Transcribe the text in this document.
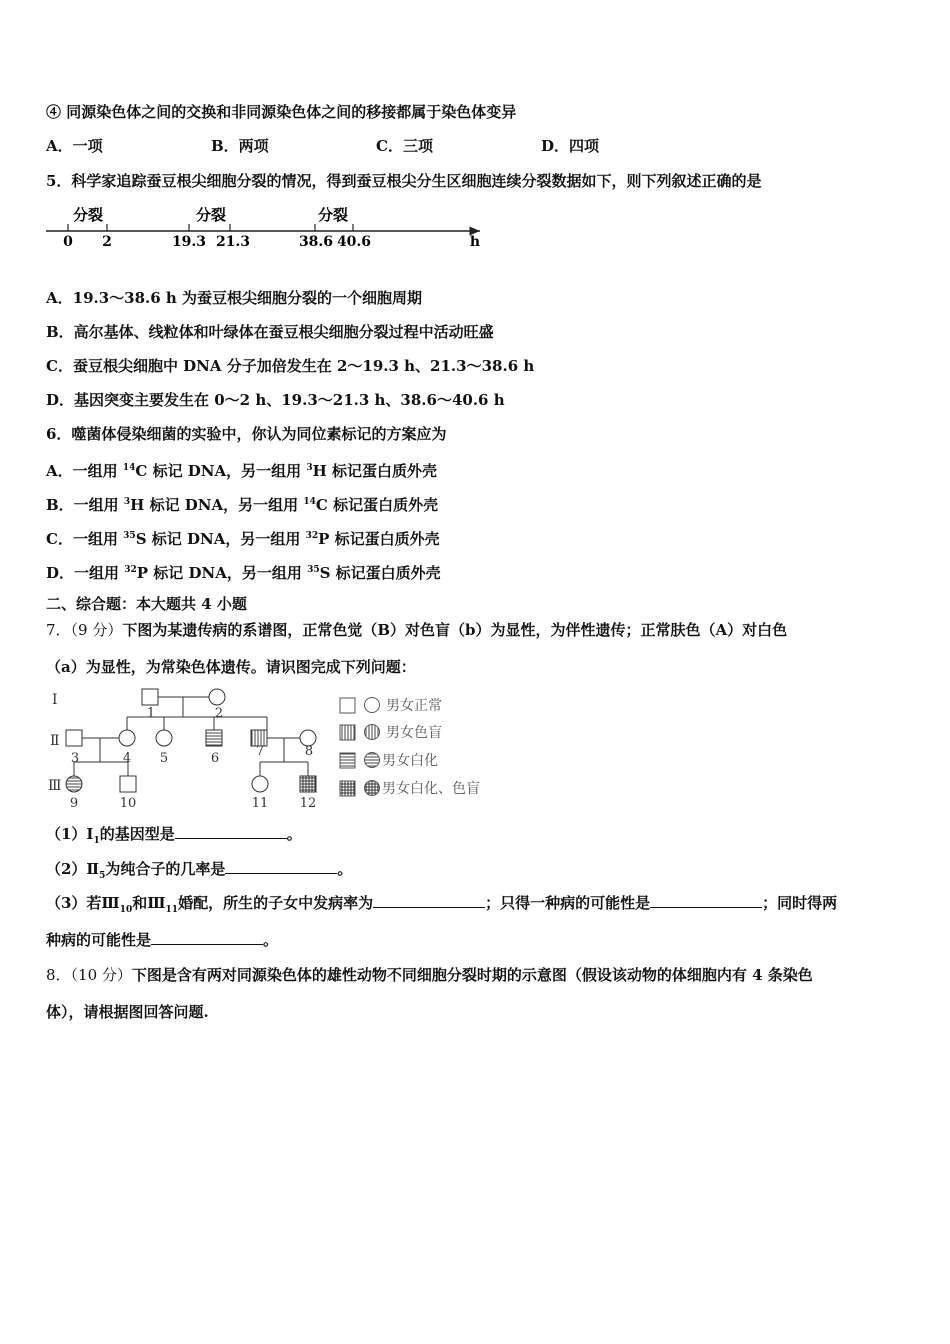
④ 同源染色体之间的交换和非同源染色体之间的移接都属于染色体变异
A．一项	B．两项	C．三项	D．四项
5．科学家追踪蚕豆根尖细胞分裂的情况，得到蚕豆根尖分生区细胞连续分裂数据如下，则下列叙述正确的是
分裂	分裂	分裂
0 2	19.3 21.3	38.6 40.6	h
A．19.3～38.6 h 为蚕豆根尖细胞分裂的一个细胞周期
B．高尔基体、线粒体和叶绿体在蚕豆根尖细胞分裂过程中活动旺盛
C．蚕豆根尖细胞中 DNA 分子加倍发生在 2～19.3 h、21.3～38.6 h
D．基因突变主要发生在 0～2 h、19.3～21.3 h、38.6～40.6 h
6．噬菌体侵染细菌的实验中，你认为同位素标记的方案应为
A．一组用 $^{14}$C 标记 DNA，另一组用 $^3$H 标记蛋白质外壳
B．一组用 $^3$H 标记 DNA，另一组用 $^{14}$C 标记蛋白质外壳
C．一组用 $^{35}$S 标记 DNA，另一组用 $^{32}$P 标记蛋白质外壳
D．一组用 $^{32}$P 标记 DNA，另一组用 $^{35}$S 标记蛋白质外壳
二、综合题：本大题共 4 小题
7．（9 分）下图为某遗传病的系谱图，正常色觉（B）对色盲（b）为显性，为伴性遗传；正常肤色（A）对白色
（a）为显性，为常染色体遗传。请识图完成下列问题：
Ⅰ
Ⅱ
Ⅲ
1	2
3	4 5	6	7	8
9	10	11 12
男女正常
男女色盲
男女白化
男女白化、色盲
$(1)Ⅰ_1$的基因型是	。
$(2)Ⅱ_5$为纯合子的几率是	。
（3）若$Ⅲ_{10}$和$Ⅲ_{11}$婚配，所生的子女中发病率为	；只得一种病的可能性是	；同时得两
种病的可能性是	。
8．（10 分）下图是含有两对同源染色体的雄性动物不同细胞分裂时期的示意图（假设该动物的体细胞内有 4 条染色
体），请根据图回答问题.
